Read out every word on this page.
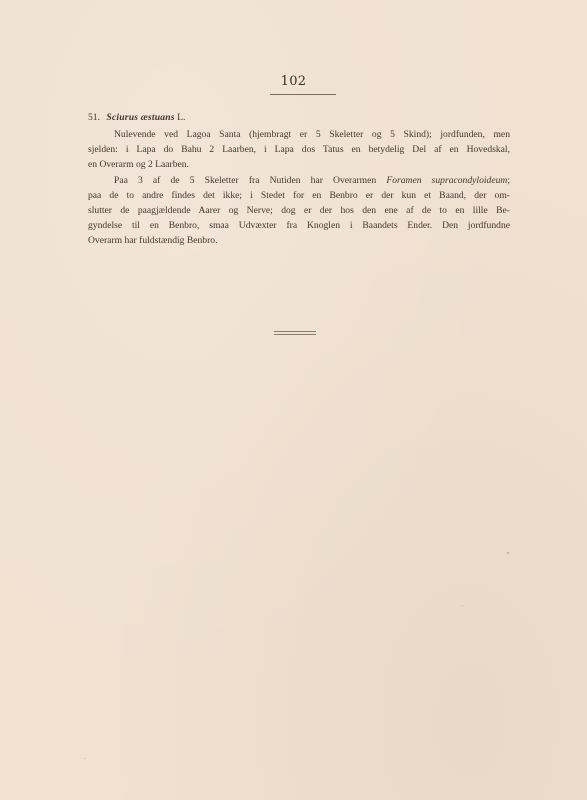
102
51. Sciurus æstuans L.
Nulevende ved Lagoa Santa (hjembragt er 5 Skeletter og 5 Skind); jordfunden, men
sjelden: i Lapa do Bahu 2 Laarben, i Lapa dos Tatus en betydelig Del af en Hovedskal,
en Overarm og 2 Laarben.
Paa 3 af de 5 Skeletter fra Nutiden har Overarmen Foramen supracondyloideum;
paa de to andre findes det ikke; i Stedet for en Benbro er der kun et Baand, der om-
slutter de paagjældende Aarer og Nerve; dog er der hos den ene af de to en lille Be-
gyndelse til en Benbro, smaa Udvæxter fra Knoglen i Baandets Ender. Den jordfundne
Overarm har fuldstændig Benbro.
